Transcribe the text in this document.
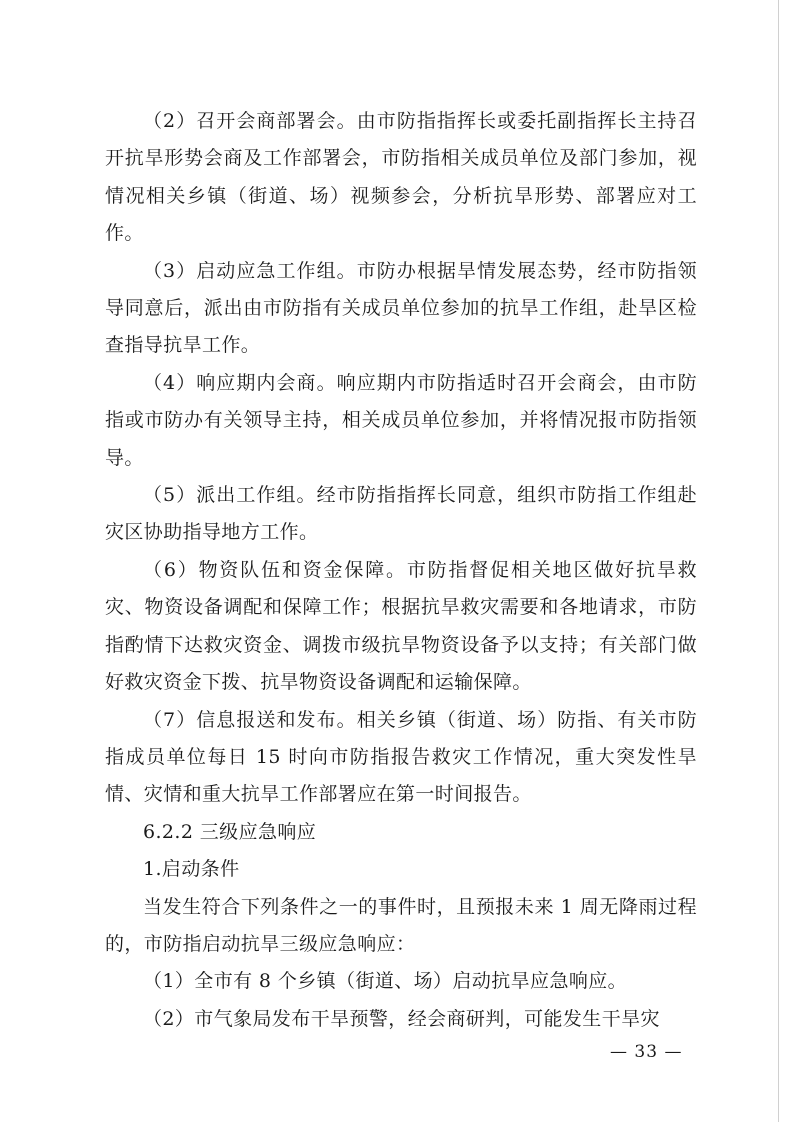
（2）召开会商部署会。由市防指指挥长或委托副指挥长主持召开抗旱形势会商及工作部署会，市防指相关成员单位及部门参加，视情况相关乡镇（街道、场）视频参会，分析抗旱形势、部署应对工作。

（3）启动应急工作组。市防办根据旱情发展态势，经市防指领导同意后，派出由市防指有关成员单位参加的抗旱工作组，赴旱区检查指导抗旱工作。

（4）响应期内会商。响应期内市防指适时召开会商会，由市防指或市防办有关领导主持，相关成员单位参加，并将情况报市防指领导。

（5）派出工作组。经市防指指挥长同意，组织市防指工作组赴灾区协助指导地方工作。

（6）物资队伍和资金保障。市防指督促相关地区做好抗旱救灾、物资设备调配和保障工作；根据抗旱救灾需要和各地请求，市防指酌情下达救灾资金、调拨市级抗旱物资设备予以支持；有关部门做好救灾资金下拨、抗旱物资设备调配和运输保障。

（7）信息报送和发布。相关乡镇（街道、场）防指、有关市防指成员单位每日 15 时向市防指报告救灾工作情况，重大突发性旱情、灾情和重大抗旱工作部署应在第一时间报告。

6.2.2 三级应急响应

1.启动条件

当发生符合下列条件之一的事件时，且预报未来 1 周无降雨过程的，市防指启动抗旱三级应急响应：

（1）全市有 8 个乡镇（街道、场）启动抗旱应急响应。

（2）市气象局发布干旱预警，经会商研判，可能发生干旱灾

— 33 —
